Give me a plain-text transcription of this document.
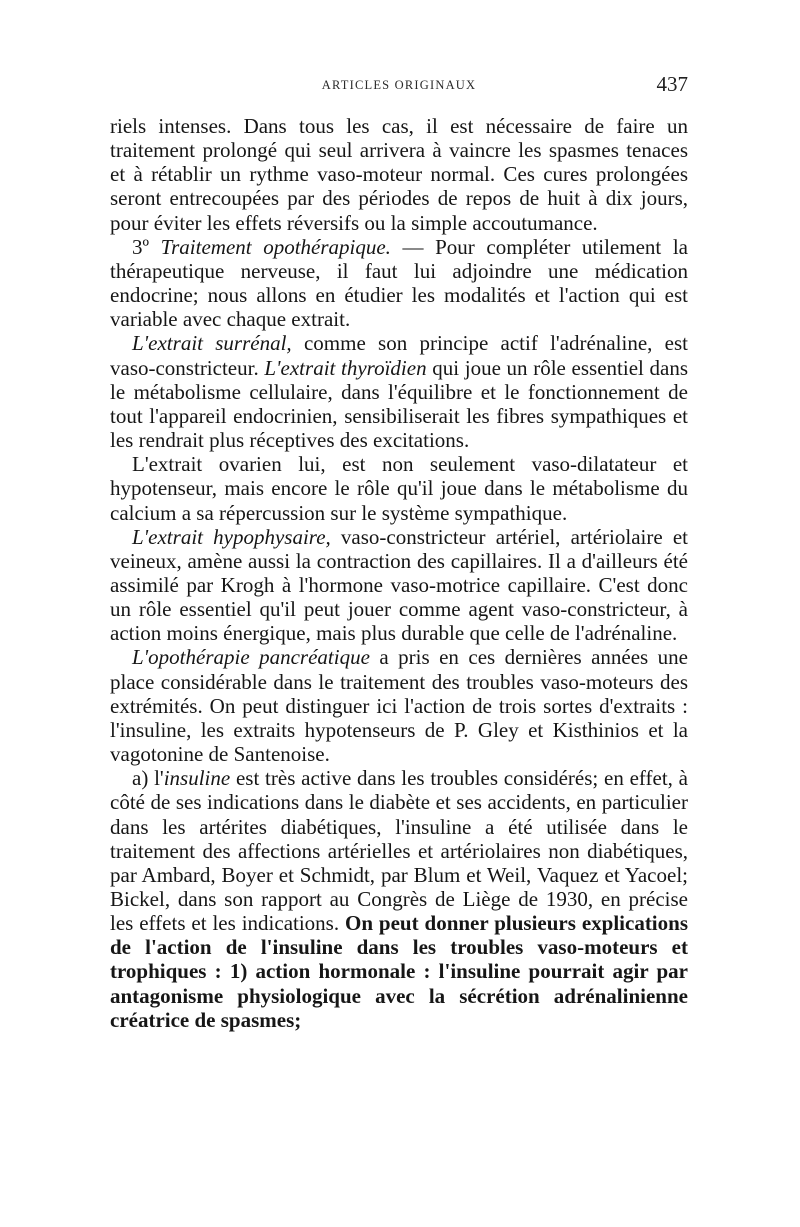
ARTICLES ORIGINAUX	437

riels intenses. Dans tous les cas, il est nécessaire de faire un traitement prolongé qui seul arrivera à vaincre les spasmes tenaces et à rétablir un rythme vaso-moteur normal. Ces cures prolongées seront entrecoupées par des périodes de repos de huit à dix jours, pour éviter les effets réversifs ou la simple accoutumance.

3º Traitement opothérapique. — Pour compléter utilement la thérapeutique nerveuse, il faut lui adjoindre une médication endocrine; nous allons en étudier les modalités et l'action qui est variable avec chaque extrait.

L'extrait surrénal, comme son principe actif l'adrénaline, est vaso-constricteur. L'extrait thyroïdien qui joue un rôle essentiel dans le métabolisme cellulaire, dans l'équilibre et le fonctionnement de tout l'appareil endocrinien, sensibiliserait les fibres sympathiques et les rendrait plus réceptives des excitations.

L'extrait ovarien lui, est non seulement vaso-dilatateur et hypotenseur, mais encore le rôle qu'il joue dans le métabolisme du calcium a sa répercussion sur le système sympathique.

L'extrait hypophysaire, vaso-constricteur artériel, artériolaire et veineux, amène aussi la contraction des capillaires. Il a d'ailleurs été assimilé par Krogh à l'hormone vaso-motrice capillaire. C'est donc un rôle essentiel qu'il peut jouer comme agent vaso-constricteur, à action moins énergique, mais plus durable que celle de l'adrénaline.

L'opothérapie pancréatique a pris en ces dernières années une place considérable dans le traitement des troubles vaso-moteurs des extrémités. On peut distinguer ici l'action de trois sortes d'extraits : l'insuline, les extraits hypotenseurs de P. Gley et Kisthinios et la vagotonine de Santenoise.

a) l'insuline est très active dans les troubles considérés; en effet, à côté de ses indications dans le diabète et ses accidents, en particulier dans les artérites diabétiques, l'insuline a été utilisée dans le traitement des affections artérielles et artériolaires non diabétiques, par Ambard, Boyer et Schmidt, par Blum et Weil, Vaquez et Yacoel; Bickel, dans son rapport au Congrès de Liège de 1930, en précise les effets et les indications. On peut donner plusieurs explications de l'action de l'insuline dans les troubles vaso-moteurs et trophiques : 1) action hormonale : l'insuline pourrait agir par antagonisme physiologique avec la sécrétion adrénalinienne créatrice de spasmes;
